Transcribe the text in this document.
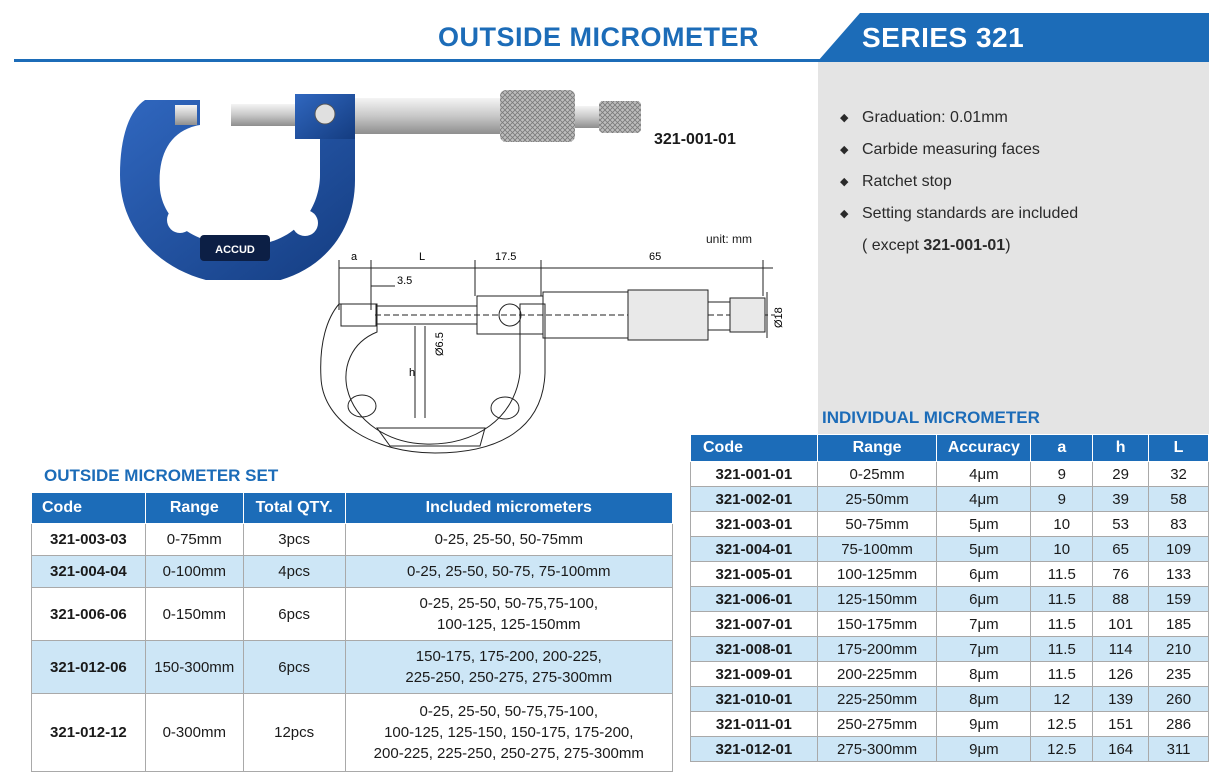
OUTSIDE MICROMETER	SERIES 321
◆ Graduation: 0.01mm
◆ Carbide measuring faces
◆ Ratchet stop
◆ Setting standards are included
( except 321-001-01)
ACCUD
321-001-01
unit: mm
a	L	17.5	65
3.5
Ø6.5
h
Ø18
OUTSIDE MICROMETER SET
INDIVIDUAL MICROMETER
Code	Range	Total QTY.	Included micrometers
321-003-03	0-75mm	3pcs	0-25, 25-50, 50-75mm

321-004-04	0-100mm	4pcs	0-25, 25-50, 50-75, 75-100mm

321-006-06	0-150mm	6pcs	0-25, 25-50, 50-75,75-100,
100-125, 125-150mm

321-012-06	150-300mm	6pcs	150-175, 175-200, 200-225,
225-250, 250-275, 275-300mm

321-012-12	0-300mm	12pcs	0-25, 25-50, 50-75,75-100,
100-125, 125-150, 150-175, 175-200,
200-225, 225-250, 250-275, 275-300mm
Code	Range	Accuracy	a	h	L
321-001-01	0-25mm	4μm	9	29	32
321-002-01	25-50mm	4μm	9	39	58
321-003-01	50-75mm	5μm	10	53	83
321-004-01	75-100mm	5μm	10	65	109
321-005-01	100-125mm	6μm	11.5	76	133
321-006-01	125-150mm	6μm	11.5	88	159
321-007-01	150-175mm	7μm	11.5	101	185
321-008-01	175-200mm	7μm	11.5	114	210
321-009-01	200-225mm	8μm	11.5	126	235
321-010-01	225-250mm	8μm	12	139	260
321-011-01	250-275mm	9μm	12.5	151	286
321-012-01	275-300mm	9μm	12.5	164	311
